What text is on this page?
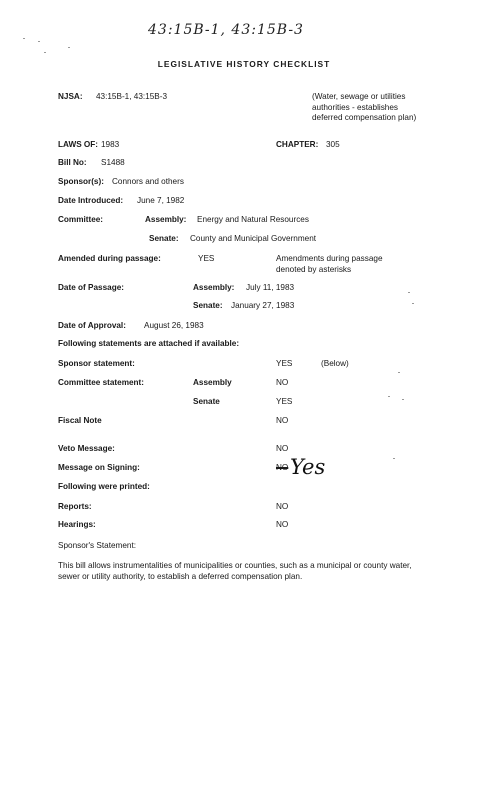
43:15B-1, 43:15B-3
LEGISLATIVE HISTORY CHECKLIST
NJSA: 43:15B-1, 43:15B-3	(Water, sewage or utilities authorities - establishes deferred compensation plan)
LAWS OF: 1983	CHAPTER: 305
Bill No: S1488
Sponsor(s): Connors and others
Date Introduced: June 7, 1982
Committee:	Assembly: Energy and Natural Resources
Senate: County and Municipal Government
Amended during passage:	YES	Amendments during passage denoted by asterisks
Date of Passage:	Assembly: July 11, 1983
Senate: January 27, 1983
Date of Approval: August 26, 1983
Following statements are attached if available:
Sponsor statement:	YES	(Below)
Committee statement:	Assembly	NO
Senate	YES
Fiscal Note	NO
Veto Message:	NO
Message on Signing:	NO Yes
Following were printed:
Reports:	NO
Hearings:	NO
Sponsor's Statement:
This bill allows instrumentalities of municipalities or counties, such as a municipal or county water, sewer or utility authority, to establish a deferred compensation plan.
